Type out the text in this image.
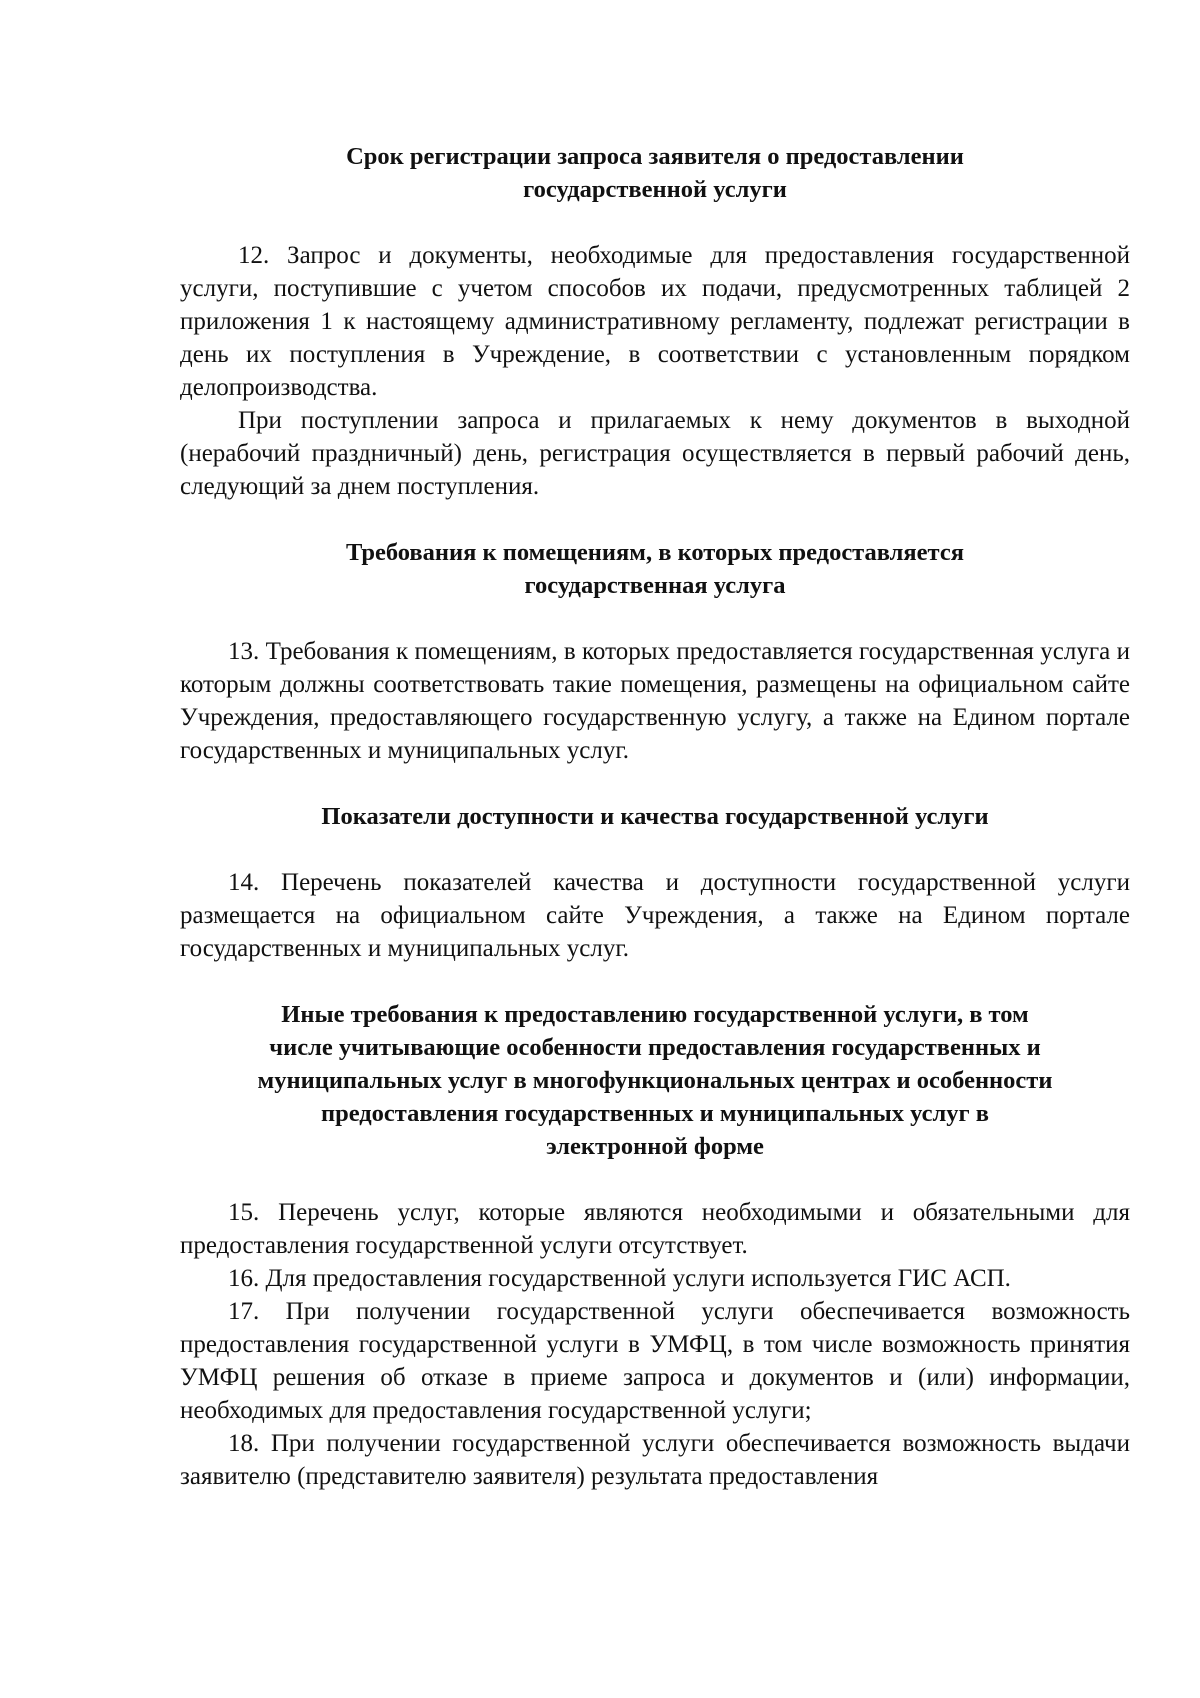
Срок регистрации запроса заявителя о предоставлении
государственной услуги

12. Запрос и документы, необходимые для предоставления государственной услуги, поступившие с учетом способов их подачи, предусмотренных таблицей 2 приложения 1 к настоящему административному регламенту, подлежат регистрации в день их поступления в Учреждение, в соответствии с установленным порядком делопроизводства.

При поступлении запроса и прилагаемых к нему документов в выходной (нерабочий праздничный) день, регистрация осуществляется в первый рабочий день, следующий за днем поступления.

Требования к помещениям, в которых предоставляется
государственная услуга

13. Требования к помещениям, в которых предоставляется государственная услуга и которым должны соответствовать такие помещения, размещены на официальном сайте Учреждения, предоставляющего государственную услугу, а также на Едином портале государственных и муниципальных услуг.

Показатели доступности и качества государственной услуги

14. Перечень показателей качества и доступности государственной услуги размещается на официальном сайте Учреждения, а также на Едином портале государственных и муниципальных услуг.

Иные требования к предоставлению государственной услуги, в том
числе учитывающие особенности предоставления государственных и
муниципальных услуг в многофункциональных центрах и особенности
предоставления государственных и муниципальных услуг в
электронной форме

15. Перечень услуг, которые являются необходимыми и обязательными для предоставления государственной услуги отсутствует.

16. Для предоставления государственной услуги используется ГИС АСП.

17. При получении государственной услуги обеспечивается возможность предоставления государственной услуги в УМФЦ, в том числе возможность принятия УМФЦ решения об отказе в приеме запроса и документов и (или) информации, необходимых для предоставления государственной услуги;

18. При получении государственной услуги обеспечивается возможность выдачи заявителю (представителю заявителя) результата предоставления
